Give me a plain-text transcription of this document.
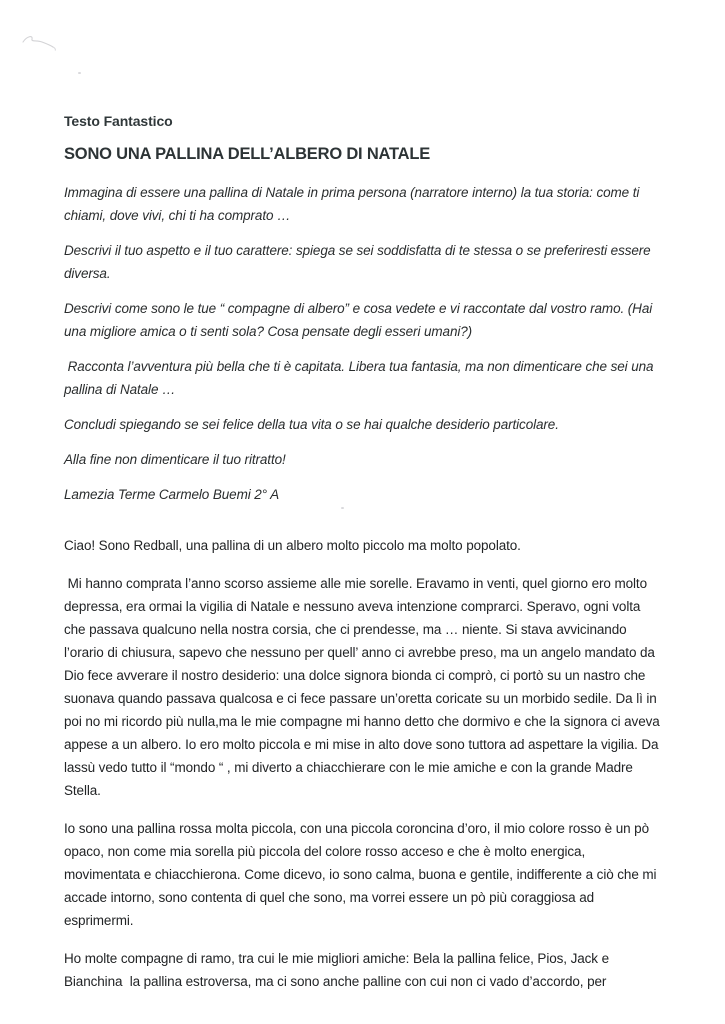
Testo Fantastico
SONO UNA PALLINA DELL’ALBERO DI NATALE

Immagina di essere una pallina di Natale in prima persona (narratore interno) la tua storia: come ti chiami, dove vivi, chi ti ha comprato …

Descrivi il tuo aspetto e il tuo carattere: spiega se sei soddisfatta di te stessa o se preferiresti essere diversa.

Descrivi come sono le tue “ compagne di albero” e cosa vedete e vi raccontate dal vostro ramo. (Hai una migliore amica o ti senti sola? Cosa pensate degli esseri umani?)

Racconta l’avventura più bella che ti è capitata. Libera tua fantasia, ma non dimenticare che sei una pallina di Natale …

Concludi spiegando se sei felice della tua vita o se hai qualche desiderio particolare.

Alla fine non dimenticare il tuo ritratto!

Lamezia Terme Carmelo Buemi 2° A

Ciao! Sono Redball, una pallina di un albero molto piccolo ma molto popolato.

Mi hanno comprata l’anno scorso assieme alle mie sorelle. Eravamo in venti, quel giorno ero molto depressa, era ormai la vigilia di Natale e nessuno aveva intenzione comprarci. Speravo, ogni volta che passava qualcuno nella nostra corsia, che ci prendesse, ma … niente. Si stava avvicinando l’orario di chiusura, sapevo che nessuno per quell’ anno ci avrebbe preso, ma un angelo mandato da Dio fece avverare il nostro desiderio: una dolce signora bionda ci comprò, ci portò su un nastro che suonava quando passava qualcosa e ci fece passare un’oretta coricate su un morbido sedile. Da lì in poi no mi ricordo più nulla,ma le mie compagne mi hanno detto che dormivo e che la signora ci aveva appese a un albero. Io ero molto piccola e mi mise in alto dove sono tuttora ad aspettare la vigilia. Da lassù vedo tutto il “mondo “ , mi diverto a chiacchierare con le mie amiche e con la grande Madre Stella.

Io sono una pallina rossa molta piccola, con una piccola coroncina d’oro, il mio colore rosso è un pò opaco, non come mia sorella più piccola del colore rosso acceso e che è molto energica, movimentata e chiacchierona. Come dicevo, io sono calma, buona e gentile, indifferente a ciò che mi accade intorno, sono contenta di quel che sono, ma vorrei essere un pò più coraggiosa ad esprimermi.

Ho molte compagne di ramo, tra cui le mie migliori amiche: Bela la pallina felice, Pios, Jack e Bianchina  la pallina estroversa, ma ci sono anche palline con cui non ci vado d’accordo, per
